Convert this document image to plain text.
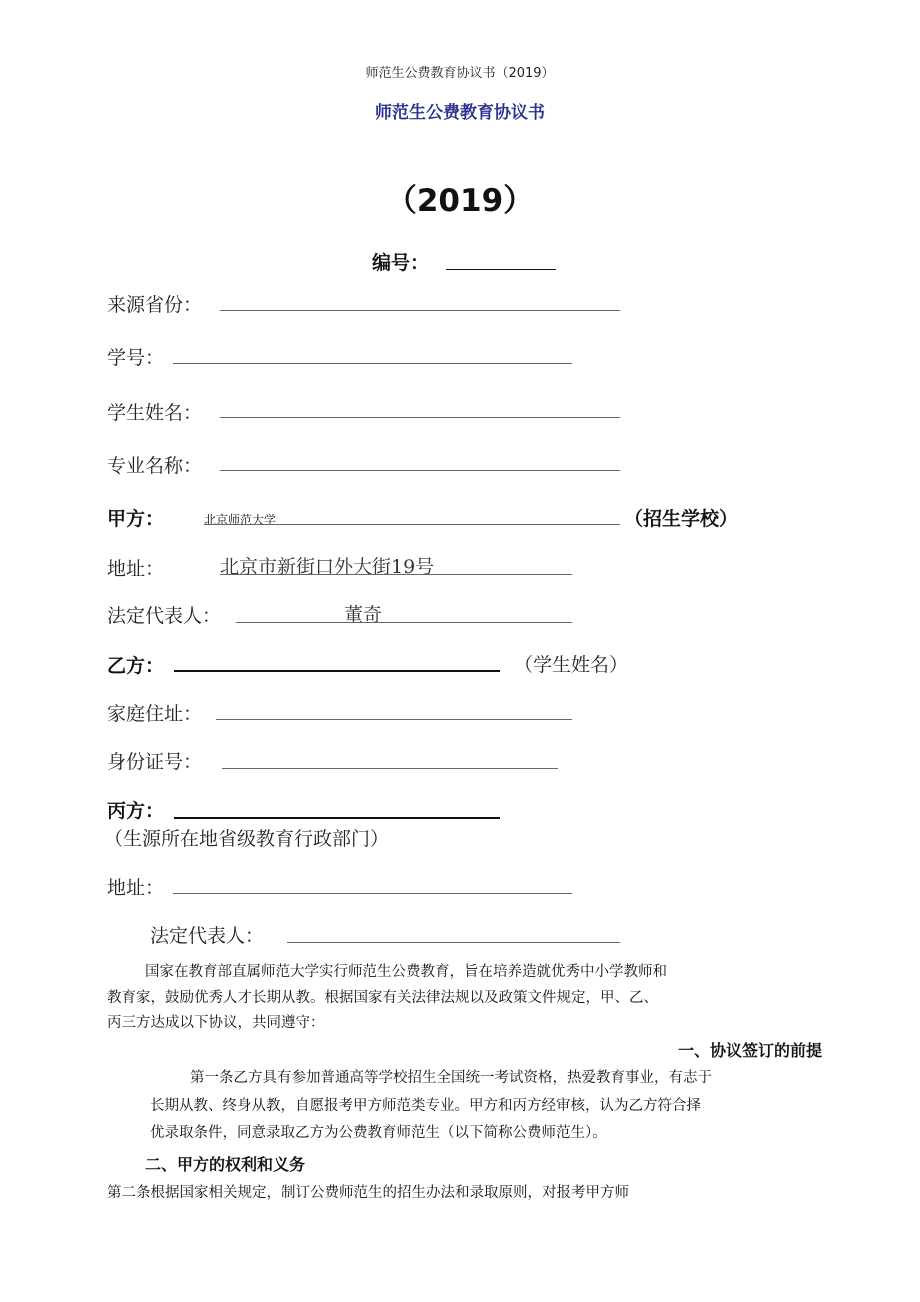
师范生公费教育协议书（2019）
师范生公费教育协议书
（2019）
编号：
来源省份：
学号：
学生姓名：
专业名称：
甲方：	北京师范大学	（招生学校）
地址：	北京市新街口外大街19号
法定代表人：	董奇
乙方：	（学生姓名）
家庭住址：
身份证号：
丙方：
（生源所在地省级教育行政部门）
地址：
法定代表人：
国家在教育部直属师范大学实行师范生公费教育，旨在培养造就优秀中小学教师和
教育家，鼓励优秀人才长期从教。根据国家有关法律法规以及政策文件规定，甲、乙、
丙三方达成以下协议，共同遵守：
一、协议签订的前提
第一条乙方具有参加普通高等学校招生全国统一考试资格，热爱教育事业，有志于
长期从教、终身从教，自愿报考甲方师范类专业。甲方和丙方经审核，认为乙方符合择
优录取条件，同意录取乙方为公费教育师范生（以下简称公费师范生）。
二、甲方的权利和义务
第二条根据国家相关规定，制订公费师范生的招生办法和录取原则，对报考甲方师
